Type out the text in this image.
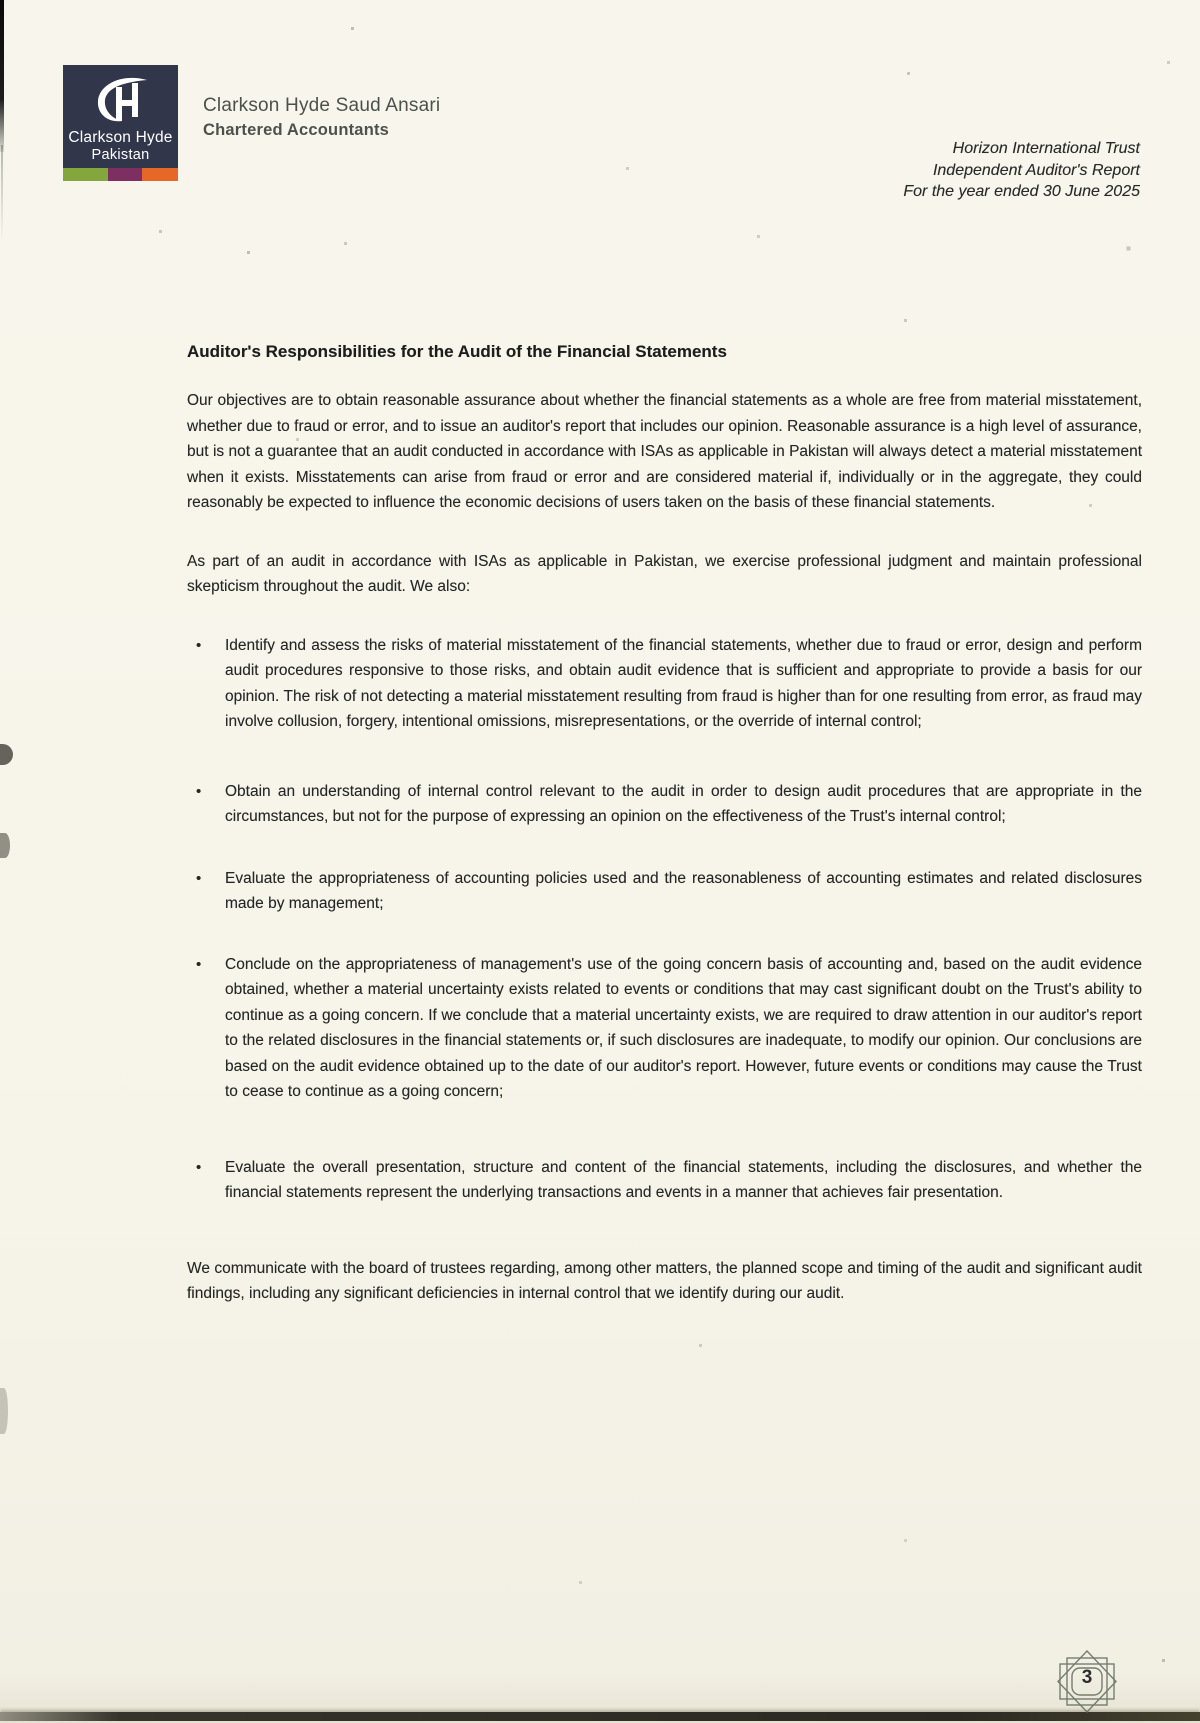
Clarkson Hyde
Pakistan
Clarkson Hyde Saud Ansari
Chartered Accountants
Horizon International Trust
Independent Auditor's Report
For the year ended 30 June 2025
Auditor's Responsibilities for the Audit of the Financial Statements

Our objectives are to obtain reasonable assurance about whether the financial statements as a whole are free from material misstatement, whether due to fraud or error, and to issue an auditor's report that includes our opinion. Reasonable assurance is a high level of assurance, but is not a guarantee that an audit conducted in accordance with ISAs as applicable in Pakistan will always detect a material misstatement when it exists. Misstatements can arise from fraud or error and are considered material if, individually or in the aggregate, they could reasonably be expected to influence the economic decisions of users taken on the basis of these financial statements.

As part of an audit in accordance with ISAs as applicable in Pakistan, we exercise professional judgment and maintain professional skepticism throughout the audit. We also:

• Identify and assess the risks of material misstatement of the financial statements, whether due to fraud or error, design and perform audit procedures responsive to those risks, and obtain audit evidence that is sufficient and appropriate to provide a basis for our opinion. The risk of not detecting a material misstatement resulting from fraud is higher than for one resulting from error, as fraud may involve collusion, forgery, intentional omissions, misrepresentations, or the override of internal control;
• Obtain an understanding of internal control relevant to the audit in order to design audit procedures that are appropriate in the circumstances, but not for the purpose of expressing an opinion on the effectiveness of the Trust's internal control;
• Evaluate the appropriateness of accounting policies used and the reasonableness of accounting estimates and related disclosures made by management;
• Conclude on the appropriateness of management's use of the going concern basis of accounting and, based on the audit evidence obtained, whether a material uncertainty exists related to events or conditions that may cast significant doubt on the Trust's ability to continue as a going concern. If we conclude that a material uncertainty exists, we are required to draw attention in our auditor's report to the related disclosures in the financial statements or, if such disclosures are inadequate, to modify our opinion. Our conclusions are based on the audit evidence obtained up to the date of our auditor's report. However, future events or conditions may cause the Trust to cease to continue as a going concern;
• Evaluate the overall presentation, structure and content of the financial statements, including the disclosures, and whether the financial statements represent the underlying transactions and events in a manner that achieves fair presentation.

We communicate with the board of trustees regarding, among other matters, the planned scope and timing of the audit and significant audit findings, including any significant deficiencies in internal control that we identify during our audit.

3
